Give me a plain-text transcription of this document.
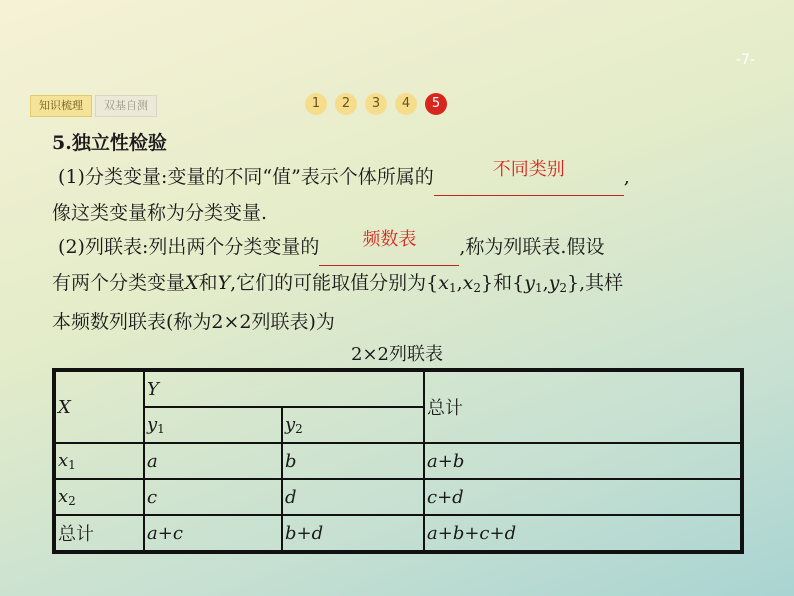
-7-
知识梳理	双基自测	1	2	3	4	5
5.独立性检验
(1)分类变量:变量的不同“值”表示个体所属的	不同类别	,
像这类变量称为分类变量.
(2)列联表:列出两个分类变量的 频数表 ,称为列联表.假设
有两个分类变量X和Y,它们的可能取值分别为$\{x_1,x_2\}$和$\{y_1,y_2\}$,其样
本频数列联表(称为2×2列联表)为
2×2列联表
X	Y		总计
	$y_1$	$y_2$
$x_1$	a	b	a+b
$x_2$	c	d	c+d
总计	a+c	b+d	a+b+c+d
